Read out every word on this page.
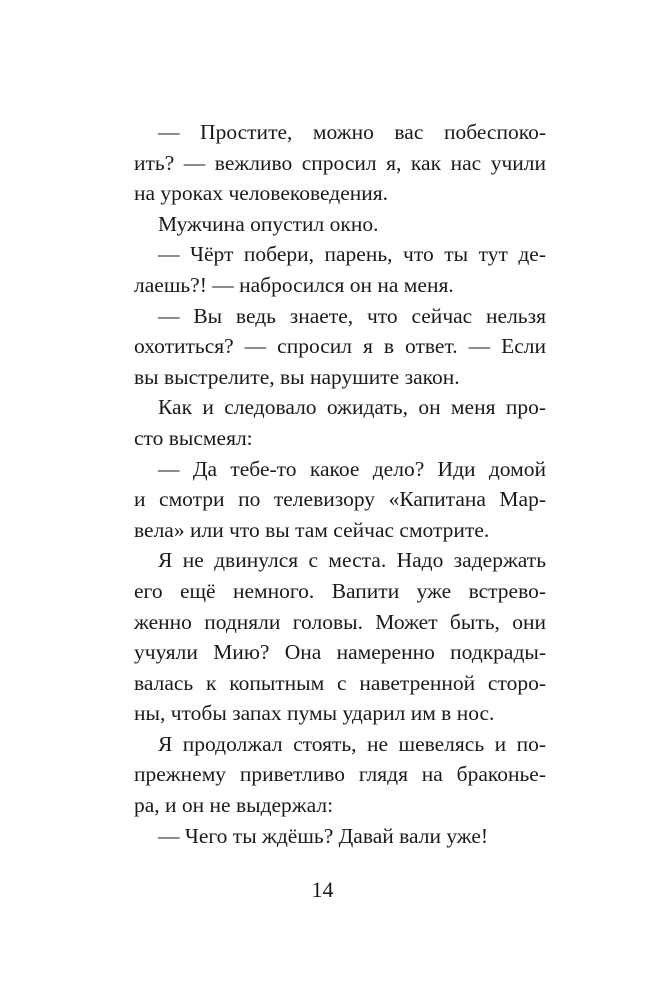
— Простите, можно вас побеспоко-
ить? — вежливо спросил я, как нас учили
на уроках человековедения.
Мужчина опустил окно.
— Чёрт побери, парень, что ты тут де-
лаешь?! — набросился он на меня.
— Вы ведь знаете, что сейчас нельзя
охотиться? — спросил я в ответ. — Если
вы выстрелите, вы нарушите закон.
Как и следовало ожидать, он меня про-
сто высмеял:
— Да тебе-то какое дело? Иди домой
и смотри по телевизору «Капитана Мар-
вела» или что вы там сейчас смотрите.
Я не двинулся с места. Надо задержать
его ещё немного. Вапити уже встрево-
женно подняли головы. Может быть, они
учуяли Мию? Она намеренно подкрады-
валась к копытным с наветренной сторо-
ны, чтобы запах пумы ударил им в нос.
Я продолжал стоять, не шевелясь и по-
прежнему приветливо глядя на браконье-
ра, и он не выдержал:
— Чего ты ждёшь? Давай вали уже!
14
